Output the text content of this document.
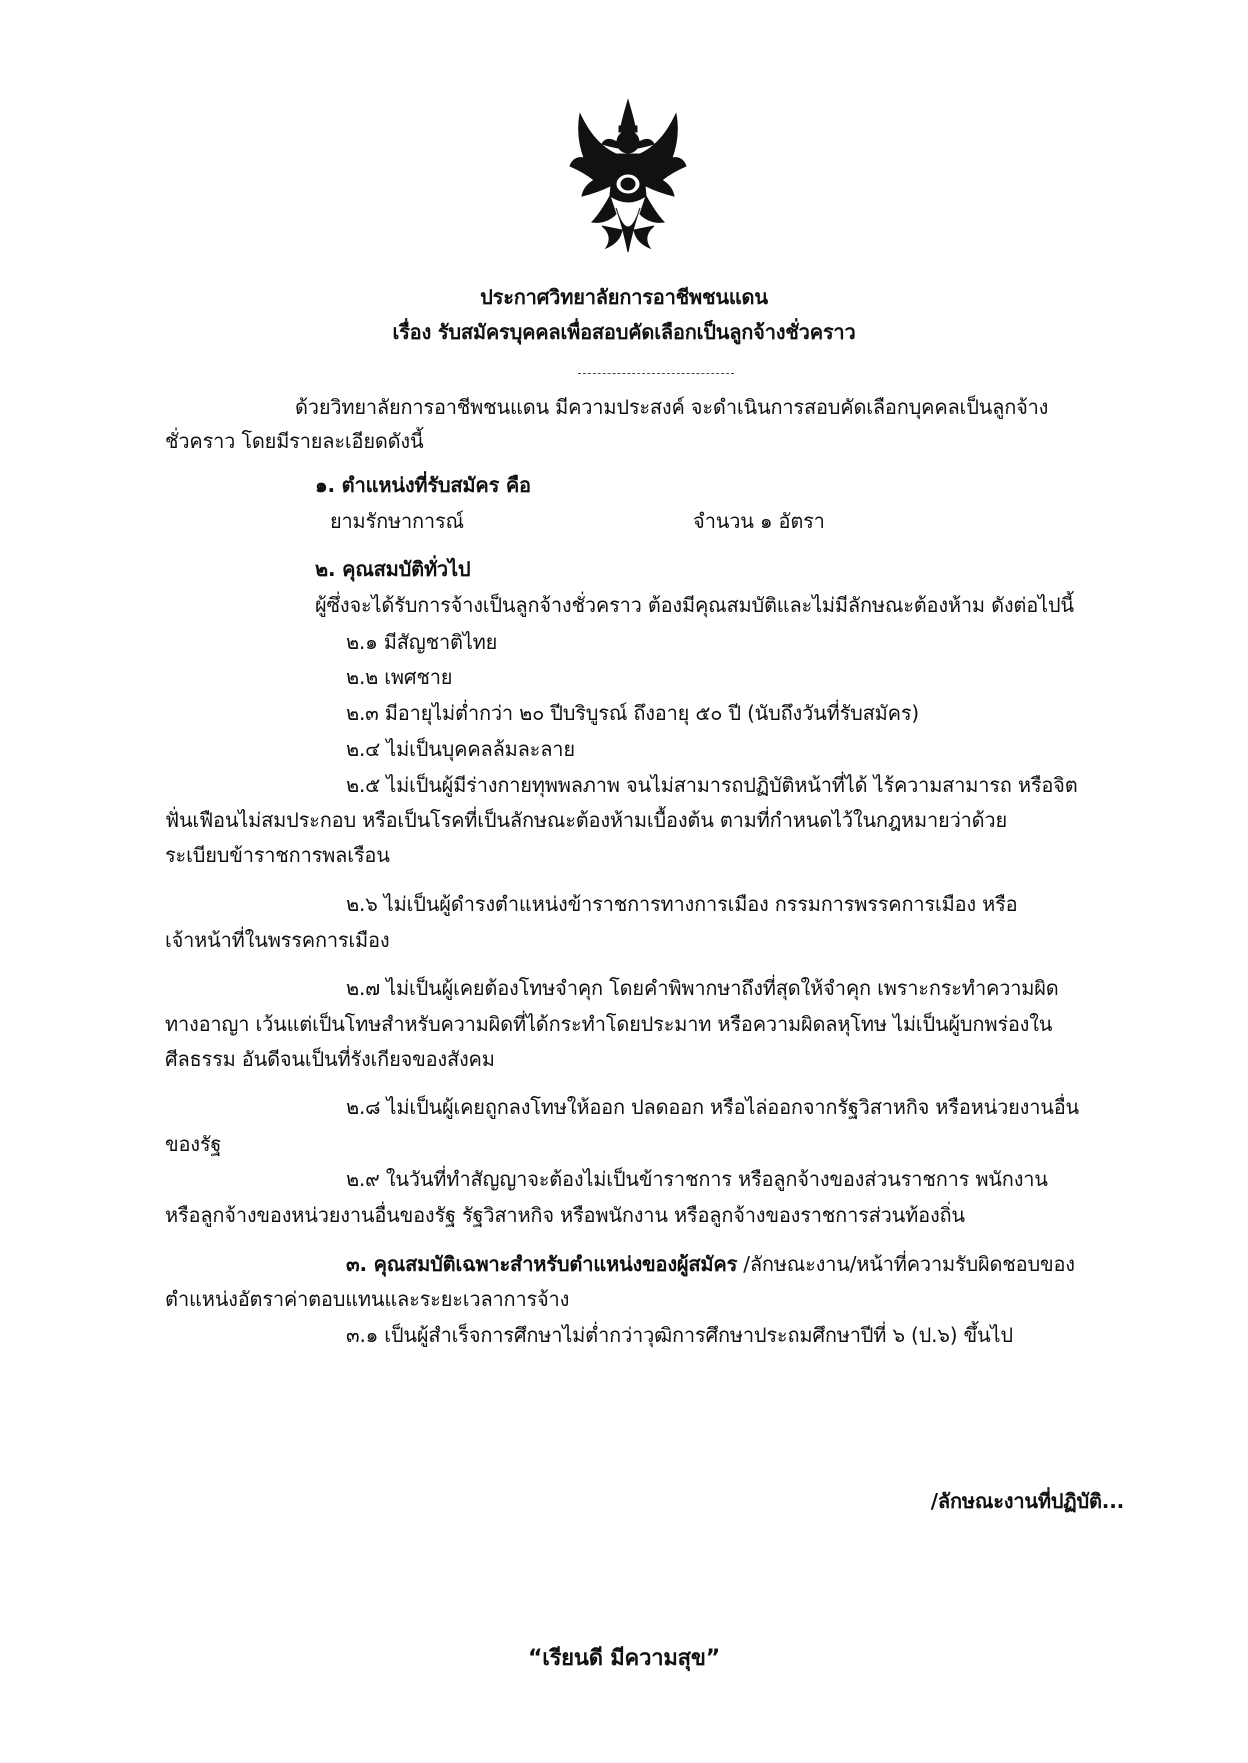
ประกาศวิทยาลัยการอาชีพชนแดน
เรื่อง รับสมัครบุคคลเพื่อสอบคัดเลือกเป็นลูกจ้างชั่วคราว
ด้วยวิทยาลัยการอาชีพชนแดน มีความประสงค์ จะดำเนินการสอบคัดเลือกบุคคลเป็นลูกจ้าง
ชั่วคราว โดยมีรายละเอียดดังนี้
๑. ตำแหน่งที่รับสมัคร คือ
ยามรักษาการณ์	จำนวน ๑ อัตรา
๒. คุณสมบัติทั่วไป
ผู้ซึ่งจะได้รับการจ้างเป็นลูกจ้างชั่วคราว ต้องมีคุณสมบัติและไม่มีลักษณะต้องห้าม ดังต่อไปนี้
๒.๑ มีสัญชาติไทย
๒.๒ เพศชาย
๒.๓ มีอายุไม่ต่ำกว่า ๒๐ ปีบริบูรณ์ ถึงอายุ ๕๐ ปี (นับถึงวันที่รับสมัคร)
๒.๔ ไม่เป็นบุคคลล้มละลาย
๒.๕ ไม่เป็นผู้มีร่างกายทุพพลภาพ จนไม่สามารถปฏิบัติหน้าที่ได้ ไร้ความสามารถ หรือจิต
ฟั่นเฟือนไม่สมประกอบ หรือเป็นโรคที่เป็นลักษณะต้องห้ามเบื้องต้น ตามที่กำหนดไว้ในกฎหมายว่าด้วย
ระเบียบข้าราชการพลเรือน
๒.๖ ไม่เป็นผู้ดำรงตำแหน่งข้าราชการทางการเมือง กรรมการพรรคการเมือง หรือ
เจ้าหน้าที่ในพรรคการเมือง
๒.๗ ไม่เป็นผู้เคยต้องโทษจำคุก โดยคำพิพากษาถึงที่สุดให้จำคุก เพราะกระทำความผิด
ทางอาญา เว้นแต่เป็นโทษสำหรับความผิดที่ได้กระทำโดยประมาท หรือความผิดลหุโทษ ไม่เป็นผู้บกพร่องใน
ศีลธรรม อันดีจนเป็นที่รังเกียจของสังคม
๒.๘ ไม่เป็นผู้เคยถูกลงโทษให้ออก ปลดออก หรือไล่ออกจากรัฐวิสาหกิจ หรือหน่วยงานอื่น
ของรัฐ
๒.๙ ในวันที่ทำสัญญาจะต้องไม่เป็นข้าราชการ หรือลูกจ้างของส่วนราชการ พนักงาน
หรือลูกจ้างของหน่วยงานอื่นของรัฐ รัฐวิสาหกิจ หรือพนักงาน หรือลูกจ้างของราชการส่วนท้องถิ่น
๓. คุณสมบัติเฉพาะสำหรับตำแหน่งของผู้สมัคร /ลักษณะงาน/หน้าที่ความรับผิดชอบของ
ตำแหน่งอัตราค่าตอบแทนและระยะเวลาการจ้าง
๓.๑ เป็นผู้สำเร็จการศึกษาไม่ต่ำกว่าวุฒิการศึกษาประถมศึกษาปีที่ ๖ (ป.๖) ขึ้นไป
/ลักษณะงานที่ปฏิบัติ...
“เรียนดี มีความสุข”
